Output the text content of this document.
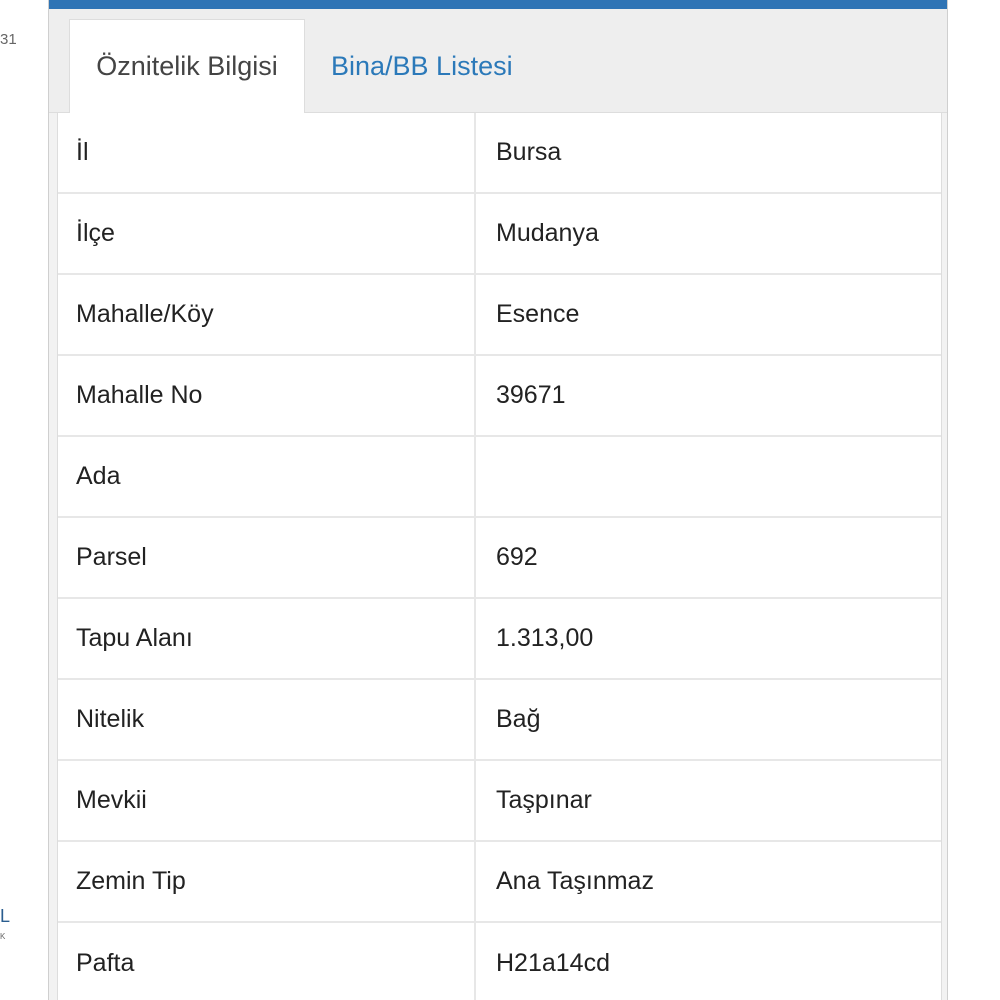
31
L
K
Öznitelik Bilgisi	Bina/BB Listesi
İl	Bursa
İlçe	Mudanya
Mahalle/Köy	Esence
Mahalle No	39671
Ada
Parsel	692
Tapu Alanı	1.313,00
Nitelik	Bağ
Mevkii	Taşpınar
Zemin Tip	Ana Taşınmaz
Pafta	H21a14cd
